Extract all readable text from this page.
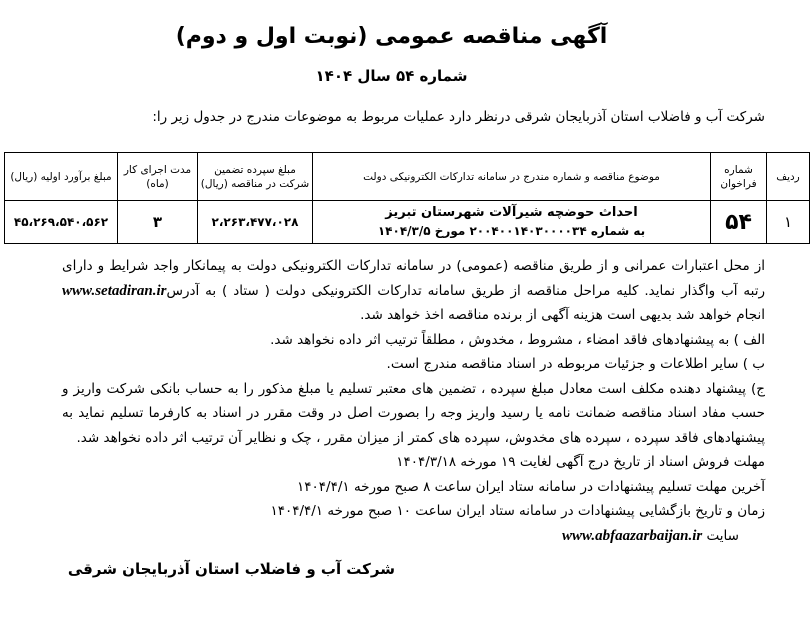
آگهی مناقصه عمومی (نوبت اول و دوم)
شماره ۵۴ سال ۱۴۰۴

شرکت آب و فاضلاب استان آذربایجان شرقی درنظر دارد عملیات مربوط به موضوعات مندرج در جدول زیر را:

ردیف	شماره فراخوان	موضوع مناقصه و شماره مندرج در سامانه تدارکات الکترونیکی دولت	مبلغ سپرده تضمین شرکت در مناقصه (ریال)	مدت اجرای کار (ماه)	مبلغ برآورد اولیه (ریال)
۱	۵۴	احداث حوضچه شیرآلات شهرستان تبریز
به شماره ۲۰۰۴۰۰۱۴۰۳۰۰۰۰۳۴ مورخ ۱۴۰۴/۳/۵	۲،۲۶۳،۴۷۷،۰۲۸	۳	۴۵،۲۶۹،۵۴۰،۵۶۲

از محل اعتبارات عمرانی و از طریق مناقصه (عمومی) در سامانه تدارکات الکترونیکی دولت به پیمانکار واجد شرایط و دارای رتبه آب واگذار نماید. کلیه مراحل مناقصه از طریق سامانه تدارکات الکترونیکی دولت ( ستاد ) به آدرسwww.setadiran.ir انجام خواهد شد بدیهی است هزینه آگهی از برنده مناقصه اخذ خواهد شد.

الف ) به پیشنهادهای فاقد امضاء ، مشروط ، مخدوش ، مطلقاً ترتیب اثر داده نخواهد شد.

ب ) سایر اطلاعات و جزئیات مربوطه در اسناد مناقصه مندرج است.

ج) پیشنهاد دهنده مکلف است معادل مبلغ سپرده ، تضمین های معتبر تسلیم یا مبلغ مذکور را به حساب بانکی شرکت واریز و حسب مفاد اسناد مناقصه ضمانت نامه یا رسید واریز وجه را بصورت اصل در وقت مقرر در اسناد به کارفرما تسلیم نماید به پیشنهادهای فاقد سپرده ، سپرده های مخدوش، سپرده های کمتر از میزان مقرر ، چک و نظایر آن ترتیب اثر داده نخواهد شد.

مهلت فروش اسناد از تاریخ درج آگهی لغایت ۱۹ مورخه ۱۴۰۴/۳/۱۸

آخرین مهلت تسلیم پیشنهادات در سامانه ستاد ایران ساعت ۸ صبح مورخه ۱۴۰۴/۴/۱

زمان و تاریخ بازگشایی پیشنهادات در سامانه ستاد ایران ساعت ۱۰ صبح مورخه ۱۴۰۴/۴/۱

سایت www.abfaazarbaijan.ir

شرکت آب و فاضلاب استان آذربایجان شرقی
